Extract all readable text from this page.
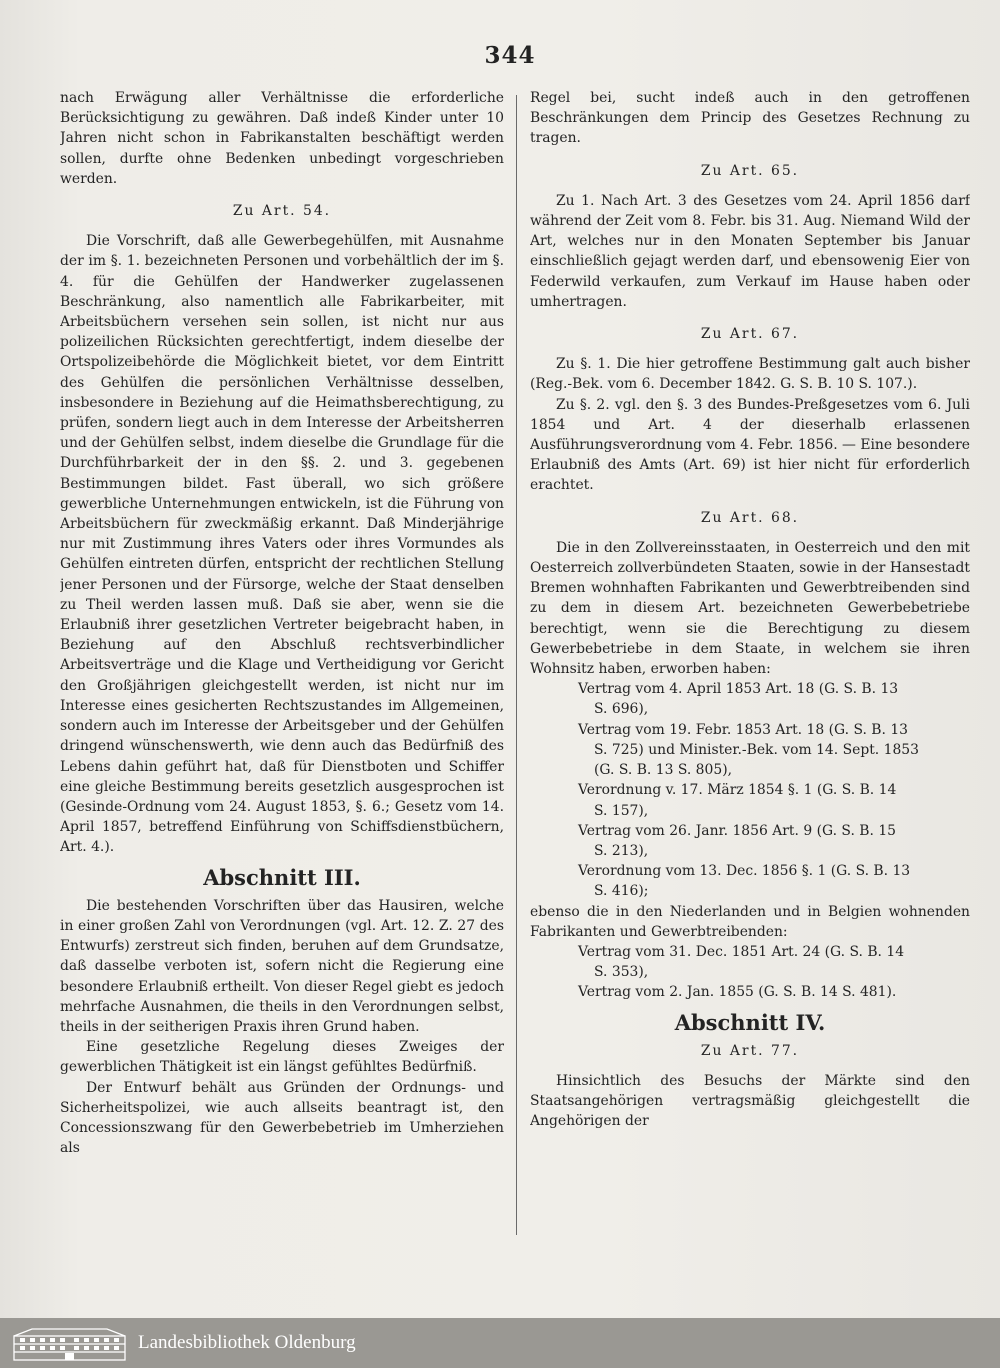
344

nach Erwägung aller Verhältnisse die erforderliche Berücksichtigung zu gewähren. Daß indeß Kinder unter 10 Jahren nicht schon in Fabrikanstalten beschäftigt werden sollen, durfte ohne Bedenken unbedingt vorgeschrieben werden.

Zu Art. 54.

Die Vorschrift, daß alle Gewerbegehülfen, mit Ausnahme der im §. 1. bezeichneten Personen und vorbehältlich der im §. 4. für die Gehülfen der Handwerker zugelassenen Beschränkung, also namentlich alle Fabrikarbeiter, mit Arbeitsbüchern versehen sein sollen, ist nicht nur aus polizeilichen Rücksichten gerechtfertigt, indem dieselbe der Ortspolizeibehörde die Möglichkeit bietet, vor dem Eintritt des Gehülfen die persönlichen Verhältnisse desselben, insbesondere in Beziehung auf die Heimathsberechtigung, zu prüfen, sondern liegt auch in dem Interesse der Arbeitsherren und der Gehülfen selbst, indem dieselbe die Grundlage für die Durchführbarkeit der in den §§. 2. und 3. gegebenen Bestimmungen bildet. Fast überall, wo sich größere gewerbliche Unternehmungen entwickeln, ist die Führung von Arbeitsbüchern für zweckmäßig erkannt. Daß Minderjährige nur mit Zustimmung ihres Vaters oder ihres Vormundes als Gehülfen eintreten dürfen, entspricht der rechtlichen Stellung jener Personen und der Fürsorge, welche der Staat denselben zu Theil werden lassen muß. Daß sie aber, wenn sie die Erlaubniß ihrer gesetzlichen Vertreter beigebracht haben, in Beziehung auf den Abschluß rechtsverbindlicher Arbeitsverträge und die Klage und Vertheidigung vor Gericht den Großjährigen gleichgestellt werden, ist nicht nur im Interesse eines gesicherten Rechtszustandes im Allgemeinen, sondern auch im Interesse der Arbeitsgeber und der Gehülfen dringend wünschenswerth, wie denn auch das Bedürfniß des Lebens dahin geführt hat, daß für Dienstboten und Schiffer eine gleiche Bestimmung bereits gesetzlich ausgesprochen ist (Gesinde-Ordnung vom 24. August 1853, §. 6.; Gesetz vom 14. April 1857, betreffend Einführung von Schiffsdienstbüchern, Art. 4.).

Abschnitt III.

Die bestehenden Vorschriften über das Hausiren, welche in einer großen Zahl von Verordnungen (vgl. Art. 12. Z. 27 des Entwurfs) zerstreut sich finden, beruhen auf dem Grundsatze, daß dasselbe verboten ist, sofern nicht die Regierung eine besondere Erlaubniß ertheilt. Von dieser Regel giebt es jedoch mehrfache Ausnahmen, die theils in den Verordnungen selbst, theils in der seitherigen Praxis ihren Grund haben.

Eine gesetzliche Regelung dieses Zweiges der gewerblichen Thätigkeit ist ein längst gefühltes Bedürfniß.

Der Entwurf behält aus Gründen der Ordnungs- und Sicherheitspolizei, wie auch allseits beantragt ist, den Concessionszwang für den Gewerbebetrieb im Umherziehen als

Regel bei, sucht indeß auch in den getroffenen Beschränkungen dem Princip des Gesetzes Rechnung zu tragen.

Zu Art. 65.

Zu 1. Nach Art. 3 des Gesetzes vom 24. April 1856 darf während der Zeit vom 8. Febr. bis 31. Aug. Niemand Wild der Art, welches nur in den Monaten September bis Januar einschließlich gejagt werden darf, und ebensowenig Eier von Federwild verkaufen, zum Verkauf im Hause haben oder umhertragen.

Zu Art. 67.

Zu §. 1. Die hier getroffene Bestimmung galt auch bisher (Reg.-Bek. vom 6. December 1842. G. S. B. 10 S. 107.).

Zu §. 2. vgl. den §. 3 des Bundes-Preßgesetzes vom 6. Juli 1854 und Art. 4 der dieserhalb erlassenen Ausführungsverordnung vom 4. Febr. 1856. — Eine besondere Erlaubniß des Amts (Art. 69) ist hier nicht für erforderlich erachtet.

Zu Art. 68.

Die in den Zollvereinsstaaten, in Oesterreich und den mit Oesterreich zollverbündeten Staaten, sowie in der Hansestadt Bremen wohnhaften Fabrikanten und Gewerbtreibenden sind zu dem in diesem Art. bezeichneten Gewerbebetriebe berechtigt, wenn sie die Berechtigung zu diesem Gewerbebetriebe in dem Staate, in welchem sie ihren Wohnsitz haben, erworben haben:

Vertrag vom 4. April 1853 Art. 18 (G. S. B. 13
S. 696),
Vertrag vom 19. Febr. 1853 Art. 18 (G. S. B. 13
S. 725) und Minister.-Bek. vom 14. Sept. 1853
(G. S. B. 13 S. 805),
Verordnung v. 17. März 1854 §. 1 (G. S. B. 14
S. 157),
Vertrag vom 26. Janr. 1856 Art. 9 (G. S. B. 15
S. 213),
Verordnung vom 13. Dec. 1856 §. 1 (G. S. B. 13
S. 416);

ebenso die in den Niederlanden und in Belgien wohnenden Fabrikanten und Gewerbtreibenden:

Vertrag vom 31. Dec. 1851 Art. 24 (G. S. B. 14
S. 353),
Vertrag vom 2. Jan. 1855 (G. S. B. 14 S. 481).
Abschnitt IV.
Zu Art. 77.

Hinsichtlich des Besuchs der Märkte sind den Staatsangehörigen vertragsmäßig gleichgestellt die Angehörigen der

Landesbibliothek Oldenburg
